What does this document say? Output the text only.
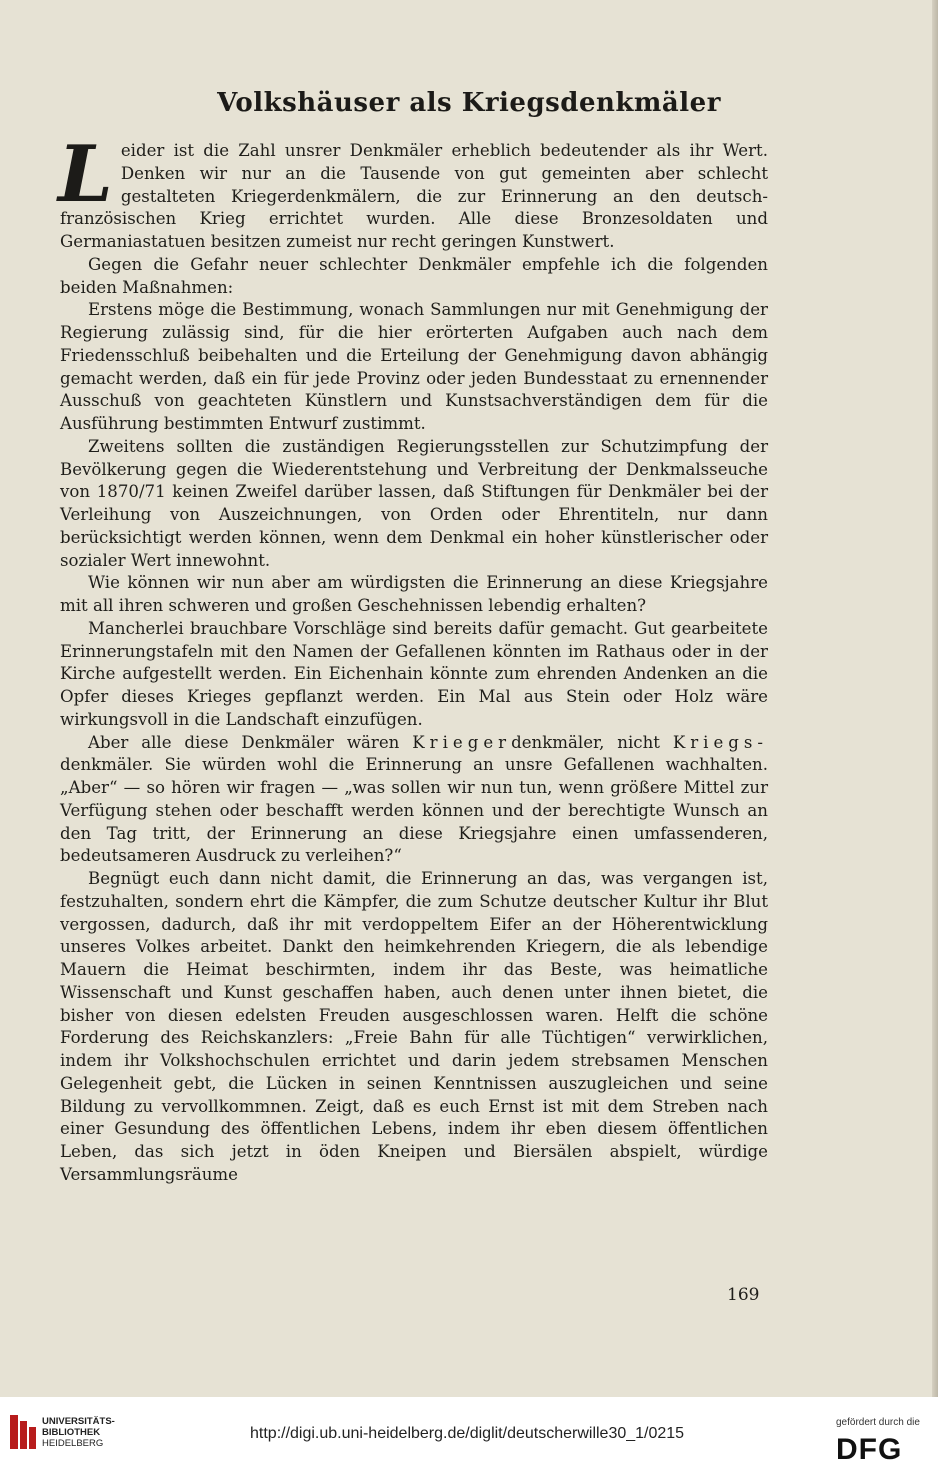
Volkshäuser als Kriegsdenkmäler

Leider ist die Zahl unsrer Denkmäler erheblich bedeutender als ihr Wert. Denken wir nur an die Tausende von gut gemeinten aber schlecht gestalteten Kriegerdenkmälern, die zur Erinnerung an den deutsch-französischen Krieg errichtet wurden. Alle diese Bronzesoldaten und Germaniastatuen besitzen zumeist nur recht geringen Kunstwert.

Gegen die Gefahr neuer schlechter Denkmäler empfehle ich die folgenden beiden Maßnahmen:

Erstens möge die Bestimmung, wonach Sammlungen nur mit Genehmigung der Regierung zulässig sind, für die hier erörterten Aufgaben auch nach dem Friedensschluß beibehalten und die Erteilung der Genehmigung davon abhängig gemacht werden, daß ein für jede Provinz oder jeden Bundesstaat zu ernennender Ausschuß von geachteten Künstlern und Kunstsachverständigen dem für die Ausführung bestimmten Entwurf zustimmt.

Zweitens sollten die zuständigen Regierungsstellen zur Schutzimpfung der Bevölkerung gegen die Wiederentstehung und Verbreitung der Denkmalsseuche von 1870/71 keinen Zweifel darüber lassen, daß Stiftungen für Denkmäler bei der Verleihung von Auszeichnungen, von Orden oder Ehrentiteln, nur dann berücksichtigt werden können, wenn dem Denkmal ein hoher künstlerischer oder sozialer Wert innewohnt.

Wie können wir nun aber am würdigsten die Erinnerung an diese Kriegsjahre mit all ihren schweren und großen Geschehnissen lebendig erhalten?

Mancherlei brauchbare Vorschläge sind bereits dafür gemacht. Gut gearbeitete Erinnerungstafeln mit den Namen der Gefallenen könnten im Rathaus oder in der Kirche aufgestellt werden. Ein Eichenhain könnte zum ehrenden Andenken an die Opfer dieses Krieges gepflanzt werden. Ein Mal aus Stein oder Holz wäre wirkungsvoll in die Landschaft einzufügen.

Aber alle diese Denkmäler wären Kriegerdenkmäler, nicht Kriegs-denkmäler. Sie würden wohl die Erinnerung an unsre Gefallenen wachhalten. „Aber“ — so hören wir fragen — „was sollen wir nun tun, wenn größere Mittel zur Verfügung stehen oder beschafft werden können und der berechtigte Wunsch an den Tag tritt, der Erinnerung an diese Kriegsjahre einen umfassenderen, bedeutsameren Ausdruck zu verleihen?“

Begnügt euch dann nicht damit, die Erinnerung an das, was vergangen ist, festzuhalten, sondern ehrt die Kämpfer, die zum Schutze deutscher Kultur ihr Blut vergossen, dadurch, daß ihr mit verdoppeltem Eifer an der Höherentwicklung unseres Volkes arbeitet. Dankt den heimkehrenden Kriegern, die als lebendige Mauern die Heimat beschirmten, indem ihr das Beste, was heimatliche Wissenschaft und Kunst geschaffen haben, auch denen unter ihnen bietet, die bisher von diesen edelsten Freuden ausgeschlossen waren. Helft die schöne Forderung des Reichskanzlers: „Freie Bahn für alle Tüchtigen“ verwirklichen, indem ihr Volkshochschulen errichtet und darin jedem strebsamen Menschen Gelegenheit gebt, die Lücken in seinen Kenntnissen auszugleichen und seine Bildung zu vervollkommnen. Zeigt, daß es euch Ernst ist mit dem Streben nach einer Gesundung des öffentlichen Lebens, indem ihr eben diesem öffentlichen Leben, das sich jetzt in öden Kneipen und Biersälen abspielt, würdige Versammlungsräume

169

UNIVERSITÄTS-
BIBLIOTHEK
HEIDELBERG
http://digi.ub.uni-heidelberg.de/diglit/deutscherwille30_1/0215
gefördert durch die
DFG
